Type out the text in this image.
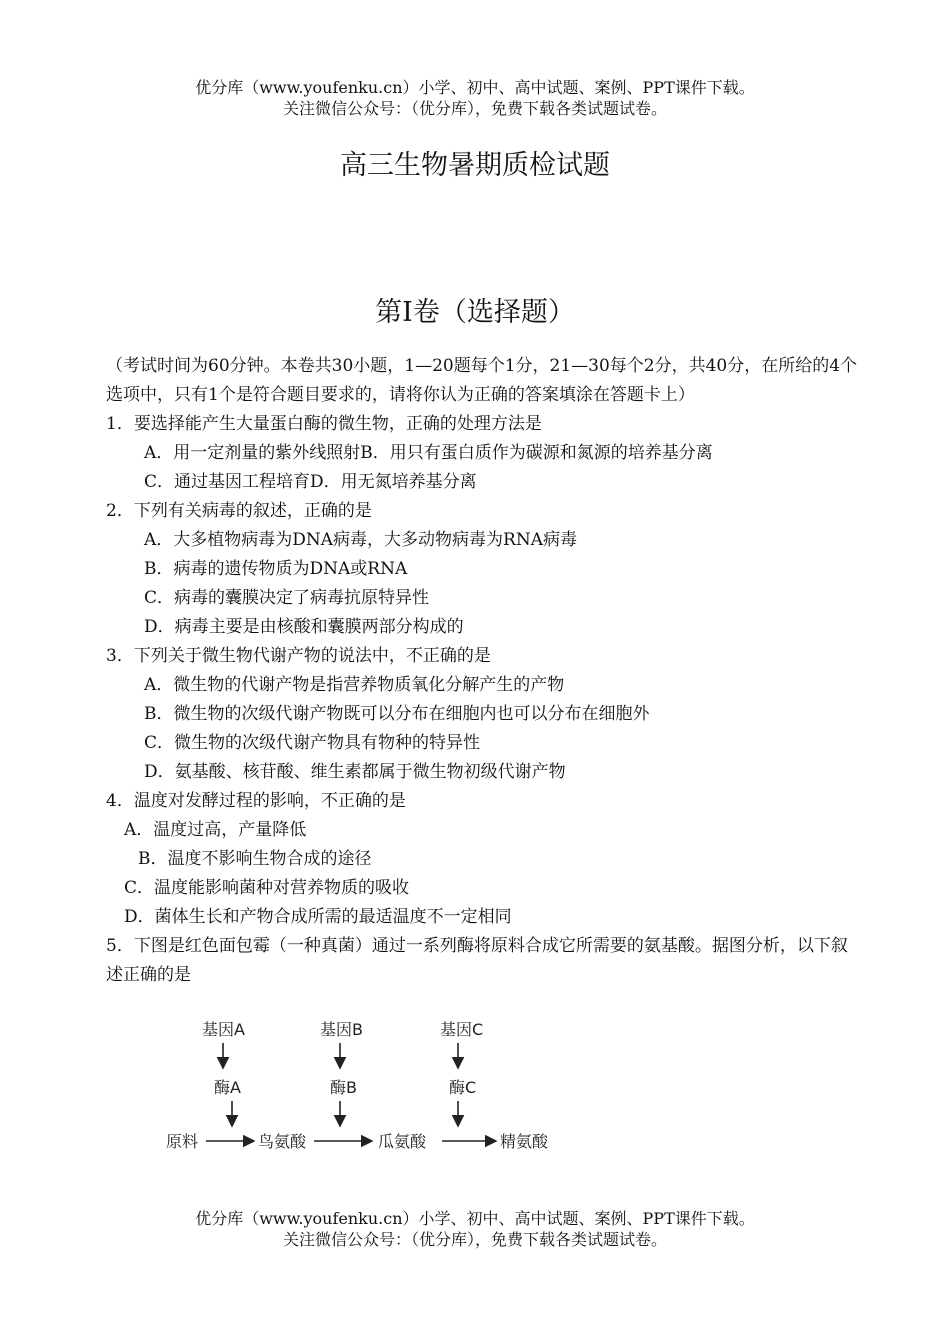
优分库（www.youfenku.cn）小学、初中、高中试题、案例、PPT课件下载。
关注微信公众号：（优分库），免费下载各类试题试卷。
高三生物暑期质检试题
第I卷（选择题）

（考试时间为60分钟。本卷共30小题，1—20题每个1分，21—30每个2分，共40分，在所给的4个选项中，只有1个是符合题目要求的，请将你认为正确的答案填涂在答题卡上）

1．要选择能产生大量蛋白酶的微生物，正确的处理方法是

A．用一定剂量的紫外线照射B．用只有蛋白质作为碳源和氮源的培养基分离

C．通过基因工程培育D．用无氮培养基分离

2．下列有关病毒的叙述，正确的是

A．大多植物病毒为DNA病毒，大多动物病毒为RNA病毒

B．病毒的遗传物质为DNA或RNA

C．病毒的囊膜决定了病毒抗原特异性

D．病毒主要是由核酸和囊膜两部分构成的

3．下列关于微生物代谢产物的说法中，不正确的是

A．微生物的代谢产物是指营养物质氧化分解产生的产物

B．微生物的次级代谢产物既可以分布在细胞内也可以分布在细胞外

C．微生物的次级代谢产物具有物种的特异性

D．氨基酸、核苷酸、维生素都属于微生物初级代谢产物

4．温度对发酵过程的影响，不正确的是

A．温度过高，产量降低

B．温度不影响生物合成的途径

C．温度能影响菌种对营养物质的吸收

D．菌体生长和产物合成所需的最适温度不一定相同

5．下图是红色面包霉（一种真菌）通过一系列酶将原料合成它所需要的氨基酸。据图分析，以下叙述正确的是

基因A	基因B	基因C
酶A	酶B	酶C
原料	鸟氨酸	瓜氨酸	精氨酸
优分库（www.youfenku.cn）小学、初中、高中试题、案例、PPT课件下载。
关注微信公众号：（优分库），免费下载各类试题试卷。
